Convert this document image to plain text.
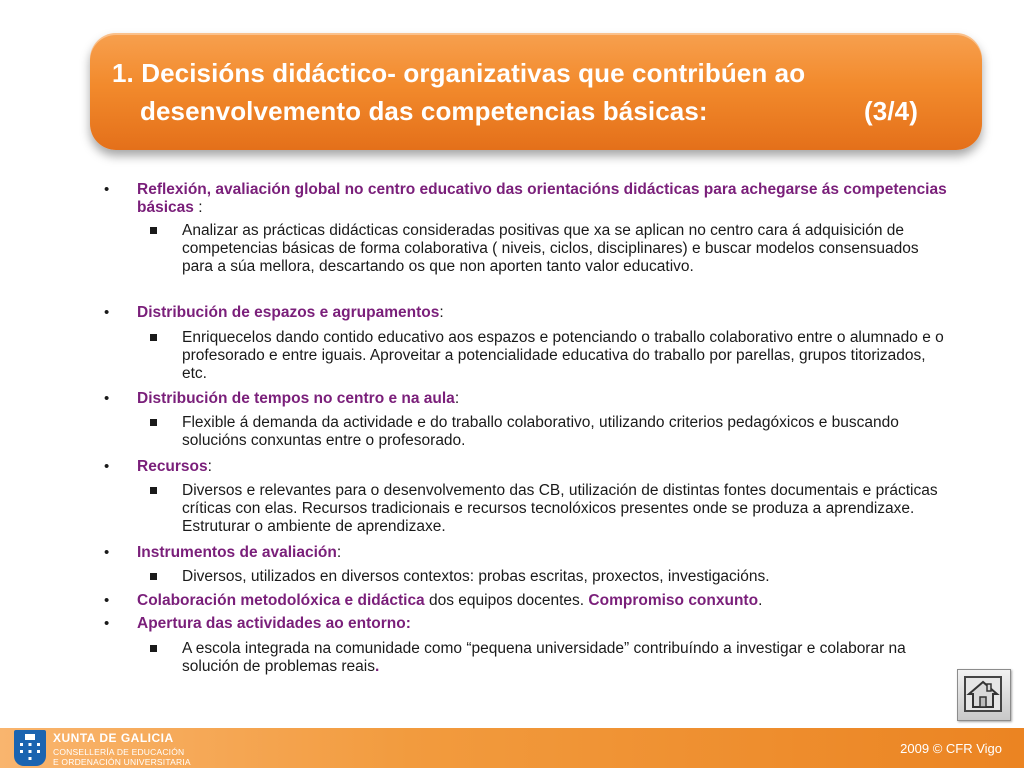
1. Decisións didáctico- organizativas que contribúen ao
desenvolvemento das competencias básicas:	(3/4)
• Reflexión, avaliación global no centro educativo das orientacións didácticas para achegarse ás competencias básicas :
Analizar as prácticas didácticas consideradas positivas que xa se aplican no centro cara á adquisición de competencias básicas de forma colaborativa ( niveis, ciclos, disciplinares) e buscar modelos consensuados para a súa mellora, descartando os que non aporten tanto valor educativo.
• Distribución de espazos e agrupamentos:
Enriquecelos dando contido educativo aos espazos e potenciando o traballo colaborativo entre o alumnado e o profesorado e entre iguais. Aproveitar a potencialidade educativa do traballo por parellas, grupos titorizados, etc.
• Distribución de tempos no centro e na aula:
Flexible á demanda da actividade e do traballo colaborativo, utilizando criterios pedagóxicos e buscando solucións conxuntas entre o profesorado.
• Recursos:
Diversos e relevantes para o desenvolvemento das CB, utilización de distintas fontes documentais e prácticas críticas con elas. Recursos tradicionais e recursos tecnolóxicos presentes onde se produza a aprendizaxe. Estruturar o ambiente de aprendizaxe.
• Instrumentos de avaliación:
Diversos, utilizados en diversos contextos: probas escritas, proxectos, investigacións.
• Colaboración metodolóxica e didáctica dos equipos docentes. Compromiso conxunto.
• Apertura das actividades ao entorno:
A escola integrada na comunidade como “pequena universidade” contribuíndo a investigar e colaborar na solución de problemas reais.
XUNTA DE GALICIA
CONSELLERÍA DE EDUCACIÓN
E ORDENACIÓN UNIVERSITARIA
2009 © CFR Vigo
